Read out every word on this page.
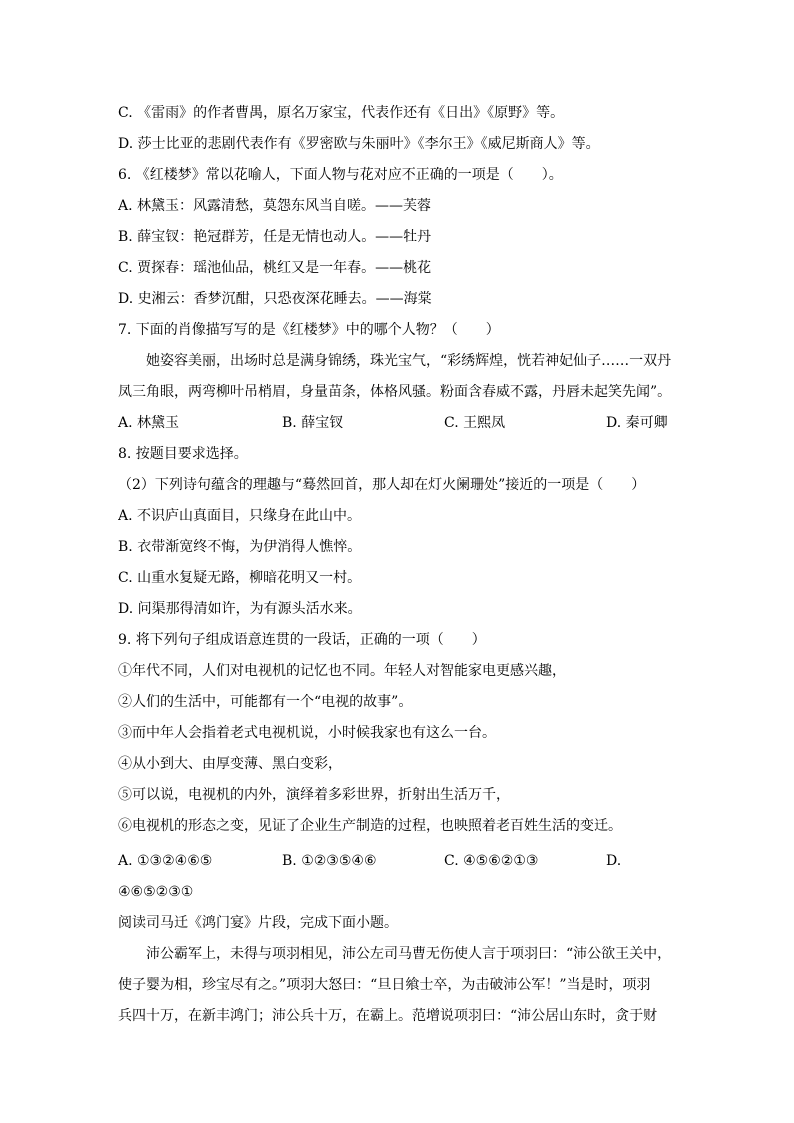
C. 《雷雨》的作者曹禺，原名万家宝，代表作还有《日出》《原野》等。
D. 莎士比亚的悲剧代表作有《罗密欧与朱丽叶》《李尔王》《威尼斯商人》等。
6. 《红楼梦》常以花喻人，下面人物与花对应不正确的一项是（　　）。
A. 林黛玉：风露清愁，莫怨东风当自嗟。——芙蓉
B. 薛宝钗：艳冠群芳，任是无情也动人。——牡丹
C. 贾探春：瑶池仙品，桃红又是一年春。——桃花
D. 史湘云：香梦沉酣，只恐夜深花睡去。——海棠
7. 下面的肖像描写写的是《红楼梦》中的哪个人物？（　　）
她姿容美丽，出场时总是满身锦绣，珠光宝气，“彩绣辉煌，恍若神妃仙子……一双丹
凤三角眼，两弯柳叶吊梢眉，身量苗条，体格风骚。粉面含春威不露，丹唇未起笑先闻”。
A. 林黛玉	B. 薛宝钗	C. 王熙凤	D. 秦可卿
8. 按题目要求选择。
（2）下列诗句蕴含的理趣与“蓦然回首，那人却在灯火阑珊处”接近的一项是（　　）
A. 不识庐山真面目，只缘身在此山中。
B. 衣带渐宽终不悔，为伊消得人憔悴。
C. 山重水复疑无路，柳暗花明又一村。
D. 问渠那得清如许，为有源头活水来。
9. 将下列句子组成语意连贯的一段话，正确的一项（　　）
①年代不同，人们对电视机的记忆也不同。年轻人对智能家电更感兴趣，
②人们的生活中，可能都有一个“电视的故事”。
③而中年人会指着老式电视机说，小时候我家也有这么一台。
④从小到大、由厚变薄、黑白变彩，
⑤可以说，电视机的内外，演绎着多彩世界，折射出生活万千，
⑥电视机的形态之变，见证了企业生产制造的过程，也映照着老百姓生活的变迁。
A. ①③②④⑥⑤	B. ①②③⑤④⑥	C. ④⑤⑥②①③	D.
④⑥⑤②③①
阅读司马迁《鸿门宴》片段，完成下面小题。
沛公霸军上，未得与项羽相见，沛公左司马曹无伤使人言于项羽曰：“沛公欲王关中，
使子婴为相，珍宝尽有之。”项羽大怒曰：“旦日飨士卒，为击破沛公军！”当是时，项羽
兵四十万，在新丰鸿门；沛公兵十万，在霸上。范增说项羽曰：“沛公居山东时，贪于财
